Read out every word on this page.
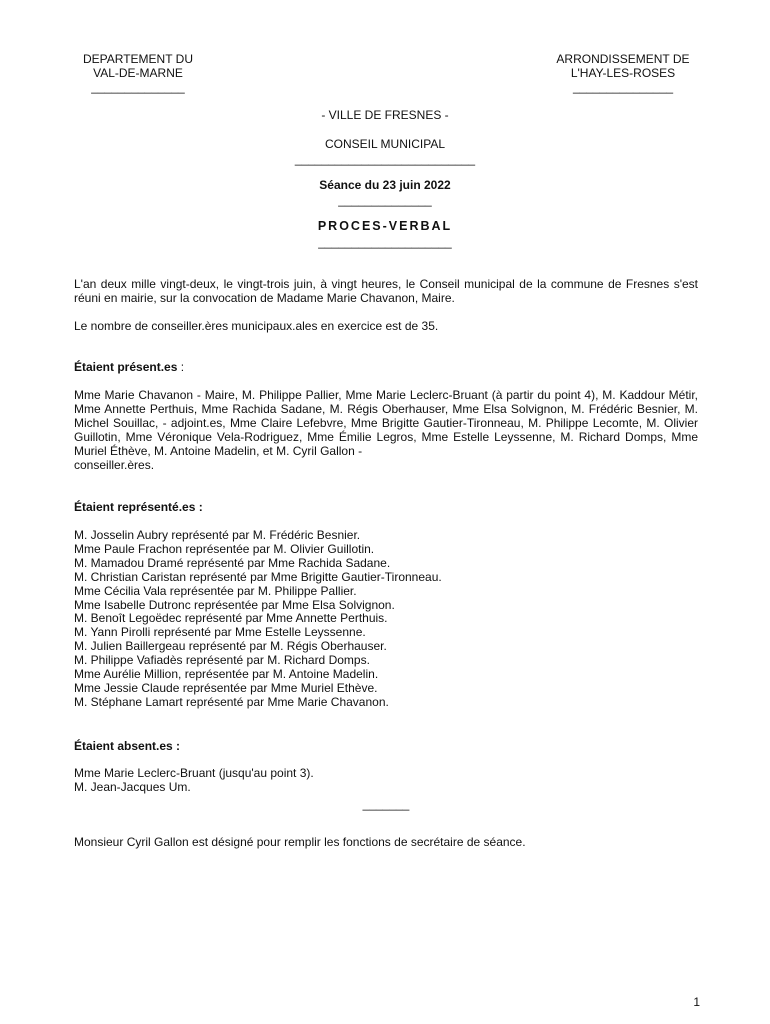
DEPARTEMENT DU
VAL-DE-MARNE
______________
ARRONDISSEMENT DE
L'HAY-LES-ROSES
_______________
- VILLE DE FRESNES -
CONSEIL MUNICIPAL
___________________________
Séance du 23 juin 2022
______________
PROCES-VERBAL
____________________
L'an deux mille vingt-deux, le vingt-trois juin, à vingt heures, le Conseil municipal de la commune de Fresnes s'est réuni en mairie, sur la convocation de Madame Marie Chavanon, Maire.
Le nombre de conseiller.ères municipaux.ales en exercice est de 35.
Étaient présent.es :
Mme Marie Chavanon - Maire, M. Philippe Pallier, Mme Marie Leclerc-Bruant (à partir du point 4), M. Kaddour Métir, Mme Annette Perthuis, Mme Rachida Sadane, M. Régis Oberhauser, Mme Elsa Solvignon, M. Frédéric Besnier, M. Michel Souillac, - adjoint.es, Mme Claire Lefebvre, Mme Brigitte Gautier-Tironneau, M. Philippe Lecomte, M. Olivier Guillotin, Mme Véronique Vela-Rodriguez, Mme Émilie Legros, Mme Estelle Leyssenne, M. Richard Domps, Mme Muriel Éthève, M. Antoine Madelin, et M. Cyril Gallon -
conseiller.ères.
Étaient représenté.es :
M. Josselin Aubry représenté par M. Frédéric Besnier.
Mme Paule Frachon représentée par M. Olivier Guillotin.
M. Mamadou Dramé représenté par Mme Rachida Sadane.
M. Christian Caristan représenté par Mme Brigitte Gautier-Tironneau.
Mme Cécilia Vala représentée par M. Philippe Pallier.
Mme Isabelle Dutronc représentée par Mme Elsa Solvignon.
M. Benoît Legoëdec représenté par Mme Annette Perthuis.
M. Yann Pirolli représenté par Mme Estelle Leyssenne.
M. Julien Baillergeau représenté par M. Régis Oberhauser.
M. Philippe Vafiadès représenté par M. Richard Domps.
Mme Aurélie Million, représentée par M. Antoine Madelin.
Mme Jessie Claude représentée par Mme Muriel Ethève.
M. Stéphane Lamart représenté par Mme Marie Chavanon.
Étaient absent.es :
Mme Marie Leclerc-Bruant (jusqu'au point 3).
M. Jean-Jacques Um.
_______
Monsieur Cyril Gallon est désigné pour remplir les fonctions de secrétaire de séance.
1
